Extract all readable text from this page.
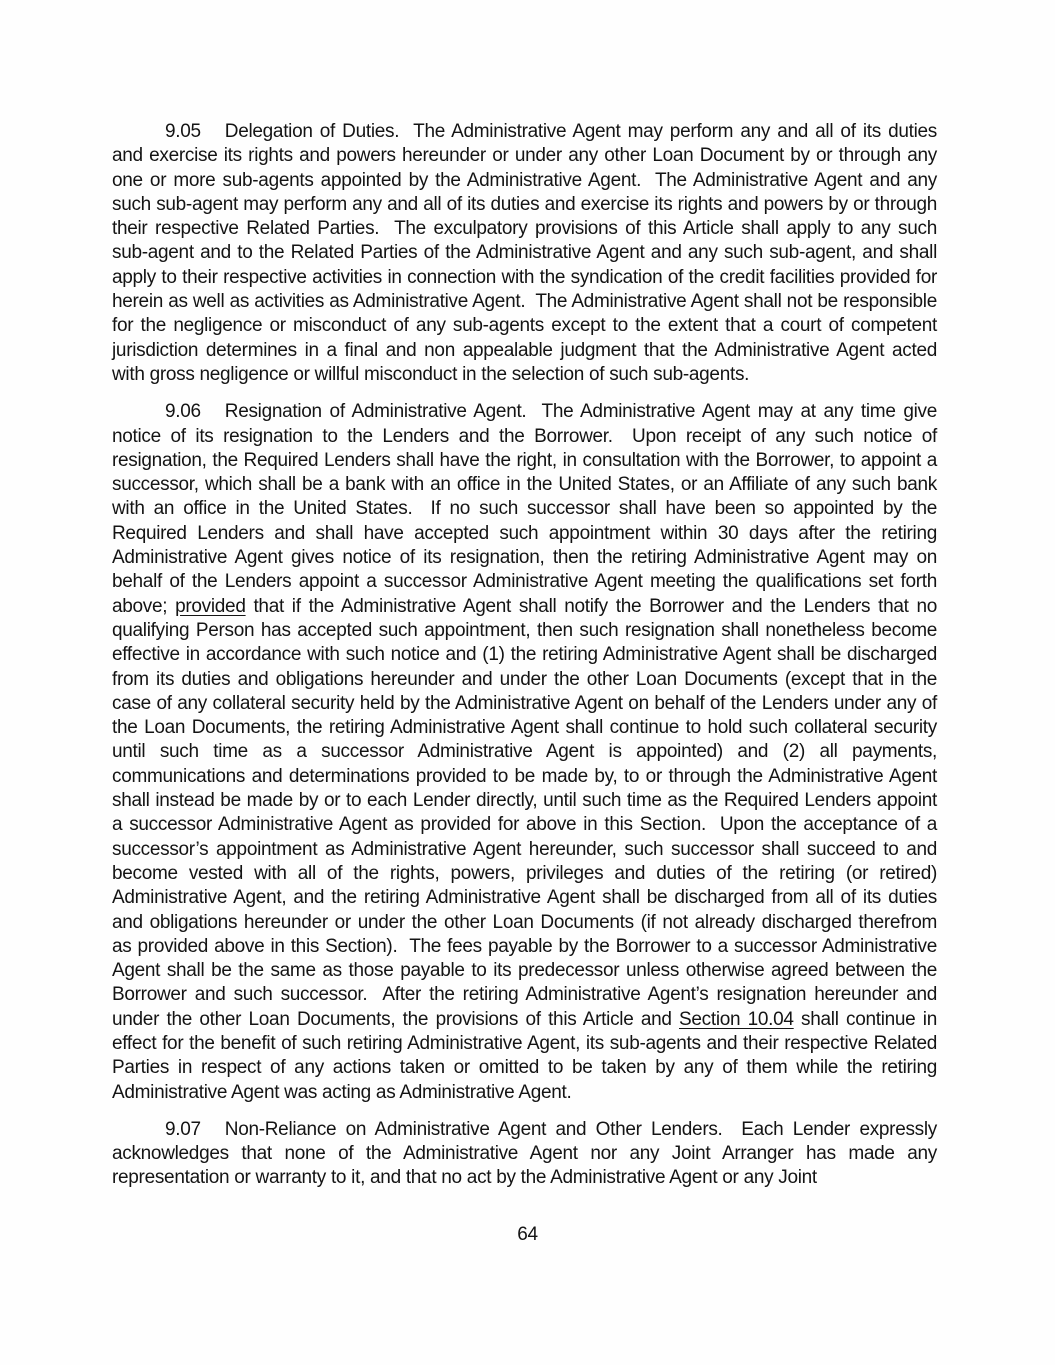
9.05 Delegation of Duties.  The Administrative Agent may perform any and all of its duties and exercise its rights and powers hereunder or under any other Loan Document by or through any one or more sub-agents appointed by the Administrative Agent.  The Administrative Agent and any such sub-agent may perform any and all of its duties and exercise its rights and powers by or through their respective Related Parties.  The exculpatory provisions of this Article shall apply to any such sub-agent and to the Related Parties of the Administrative Agent and any such sub-agent, and shall apply to their respective activities in connection with the syndication of the credit facilities provided for herein as well as activities as Administrative Agent.  The Administrative Agent shall not be responsible for the negligence or misconduct of any sub-agents except to the extent that a court of competent jurisdiction determines in a final and non appealable judgment that the Administrative Agent acted with gross negligence or willful misconduct in the selection of such sub-agents.

9.06 Resignation of Administrative Agent.  The Administrative Agent may at any time give notice of its resignation to the Lenders and the Borrower.  Upon receipt of any such notice of resignation, the Required Lenders shall have the right, in consultation with the Borrower, to appoint a successor, which shall be a bank with an office in the United States, or an Affiliate of any such bank with an office in the United States.  If no such successor shall have been so appointed by the Required Lenders and shall have accepted such appointment within 30 days after the retiring Administrative Agent gives notice of its resignation, then the retiring Administrative Agent may on behalf of the Lenders appoint a successor Administrative Agent meeting the qualifications set forth above; provided that if the Administrative Agent shall notify the Borrower and the Lenders that no qualifying Person has accepted such appointment, then such resignation shall nonetheless become effective in accordance with such notice and (1) the retiring Administrative Agent shall be discharged from its duties and obligations hereunder and under the other Loan Documents (except that in the case of any collateral security held by the Administrative Agent on behalf of the Lenders under any of the Loan Documents, the retiring Administrative Agent shall continue to hold such collateral security until such time as a successor Administrative Agent is appointed) and (2) all payments, communications and determinations provided to be made by, to or through the Administrative Agent shall instead be made by or to each Lender directly, until such time as the Required Lenders appoint a successor Administrative Agent as provided for above in this Section.  Upon the acceptance of a successor’s appointment as Administrative Agent hereunder, such successor shall succeed to and become vested with all of the rights, powers, privileges and duties of the retiring (or retired) Administrative Agent, and the retiring Administrative Agent shall be discharged from all of its duties and obligations hereunder or under the other Loan Documents (if not already discharged therefrom as provided above in this Section).  The fees payable by the Borrower to a successor Administrative Agent shall be the same as those payable to its predecessor unless otherwise agreed between the Borrower and such successor.  After the retiring Administrative Agent’s resignation hereunder and under the other Loan Documents, the provisions of this Article and Section 10.04 shall continue in effect for the benefit of such retiring Administrative Agent, its sub-agents and their respective Related Parties in respect of any actions taken or omitted to be taken by any of them while the retiring Administrative Agent was acting as Administrative Agent.

9.07 Non-Reliance on Administrative Agent and Other Lenders.  Each Lender expressly acknowledges that none of the Administrative Agent nor any Joint Arranger has made any representation or warranty to it, and that no act by the Administrative Agent or any Joint

64
